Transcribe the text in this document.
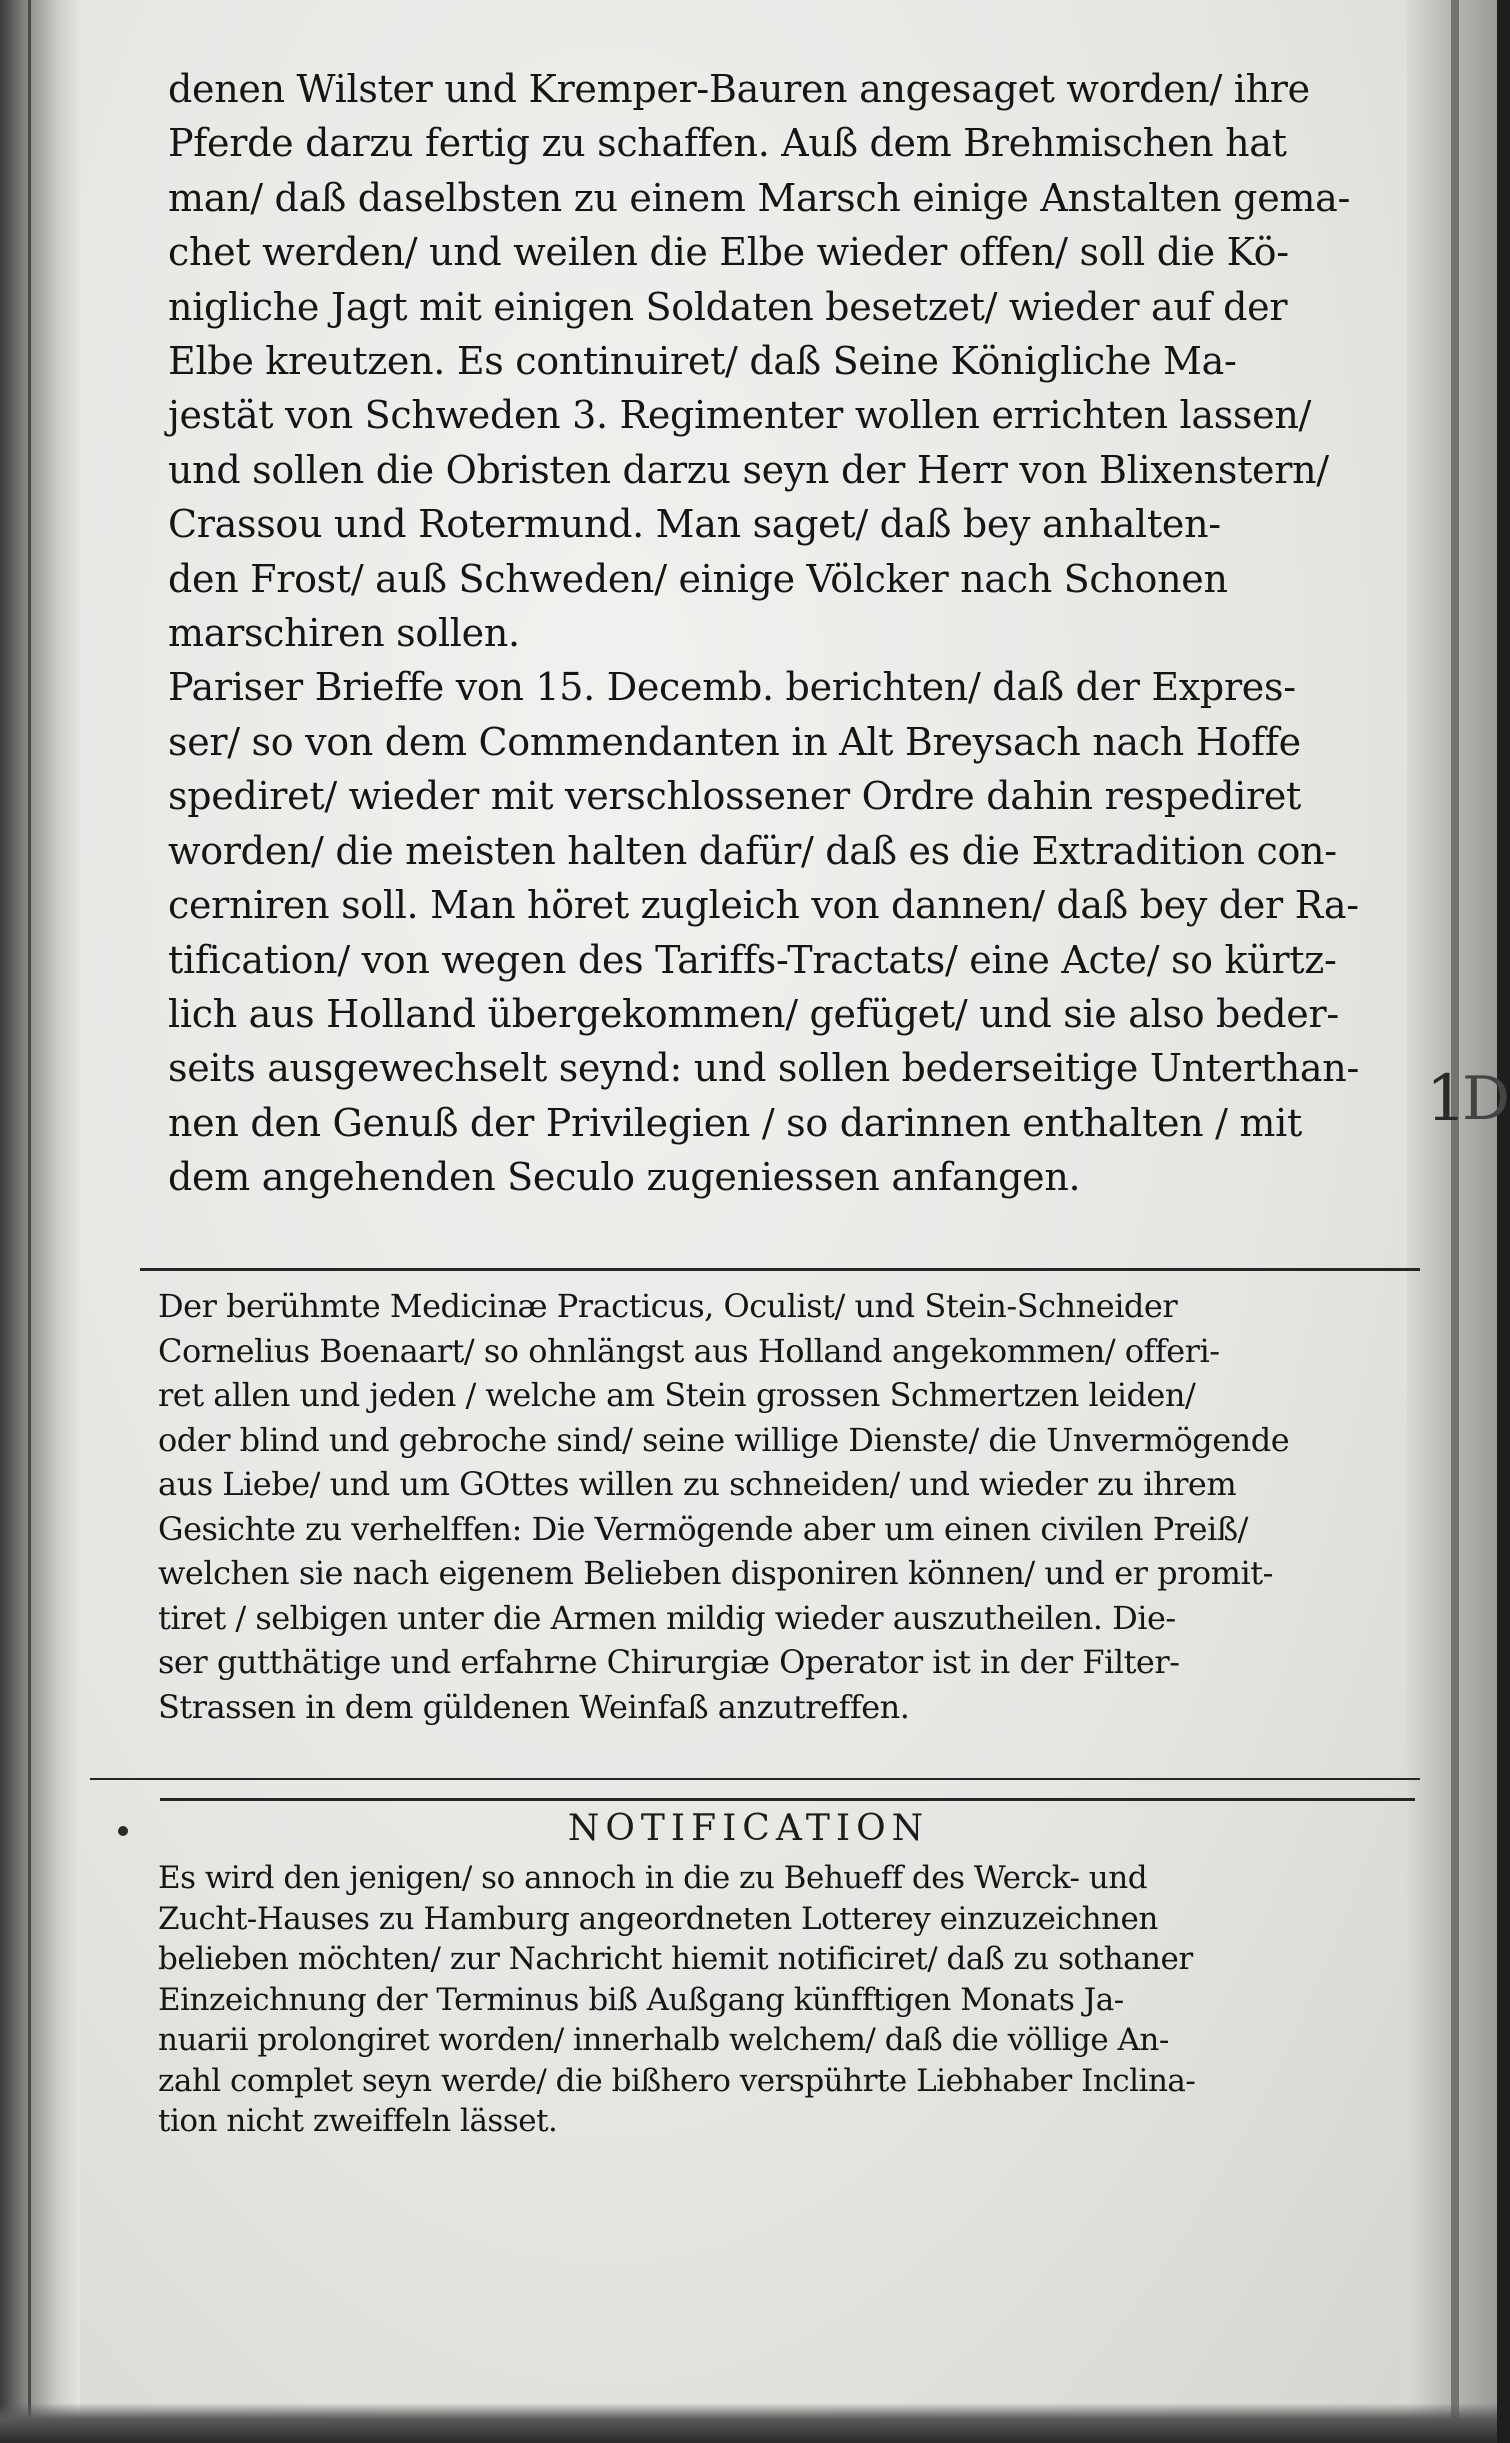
denen Wilster und Kremper-Bauren angesaget worden/ ihre

Pferde darzu fertig zu schaffen. Auß dem Brehmischen hat

man/ daß daselbsten zu einem Marsch einige Anstalten gema-

chet werden/ und weilen die Elbe wieder offen/ soll die Kö-

nigliche Jagt mit einigen Soldaten besetzet/ wieder auf der

Elbe kreutzen. Es continuiret/ daß Seine Königliche Ma-

jestät von Schweden 3. Regimenter wollen errichten lassen/

und sollen die Obristen darzu seyn der Herr von Blixenstern/

Crassou und Rotermund. Man saget/ daß bey anhalten-

den Frost/ auß Schweden/ einige Völcker nach Schonen

marschiren sollen.

Pariser Brieffe von 15. Decemb. berichten/ daß der Expres-

ser/ so von dem Commendanten in Alt Breysach nach Hoffe

spediret/ wieder mit verschlossener Ordre dahin respediret

worden/ die meisten halten dafür/ daß es die Extradition con-

cerniren soll. Man höret zugleich von dannen/ daß bey der Ra-

tification/ von wegen des Tariffs-Tractats/ eine Acte/ so kürtz-

lich aus Holland übergekommen/ gefüget/ und sie also beder-

seits ausgewechselt seynd: und sollen bederseitige Unterthan-

nen den Genuß der Privilegien / so darinnen enthalten / mit

dem angehenden Seculo zugeniessen anfangen.

1
D

Der berühmte Medicinæ Practicus, Oculist/ und Stein-Schneider

Cornelius Boenaart/ so ohnlängst aus Holland angekommen/ offeri-

ret allen und jeden / welche am Stein grossen Schmertzen leiden/

oder blind und gebroche sind/ seine willige Dienste/ die Unvermögende

aus Liebe/ und um GOttes willen zu schneiden/ und wieder zu ihrem

Gesichte zu verhelffen: Die Vermögende aber um einen civilen Preiß/

welchen sie nach eigenem Belieben disponiren können/ und er promit-

tiret / selbigen unter die Armen mildig wieder auszutheilen. Die-

ser gutthätige und erfahrne Chirurgiæ Operator ist in der Filter-

Strassen in dem güldenen Weinfaß anzutreffen.

NOTIFICATION

Es wird den jenigen/ so annoch in die zu Behueff des Werck- und

Zucht-Hauses zu Hamburg angeordneten Lotterey einzuzeichnen

belieben möchten/ zur Nachricht hiemit notificiret/ daß zu sothaner

Einzeichnung der Terminus biß Außgang künfftigen Monats Ja-

nuarii prolongiret worden/ innerhalb welchem/ daß die völlige An-

zahl complet seyn werde/ die bißhero verspührte Liebhaber Inclina-

tion nicht zweiffeln lässet.
